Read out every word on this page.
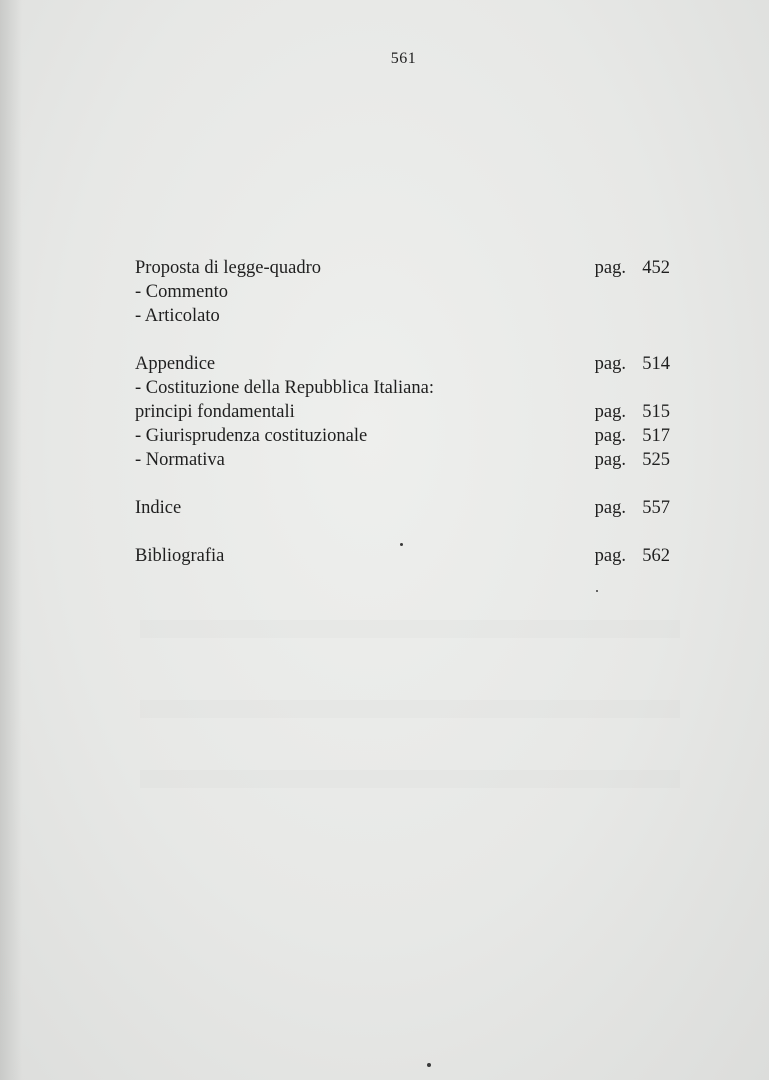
561
Proposta di legge-quadro	pag. 452
- Commento
- Articolato
Appendice	pag. 514
- Costituzione della Repubblica Italiana:
principi fondamentali	pag. 515
- Giurisprudenza costituzionale	pag. 517
- Normativa	pag. 525
Indice	pag. 557
Bibliografia	pag. 562
